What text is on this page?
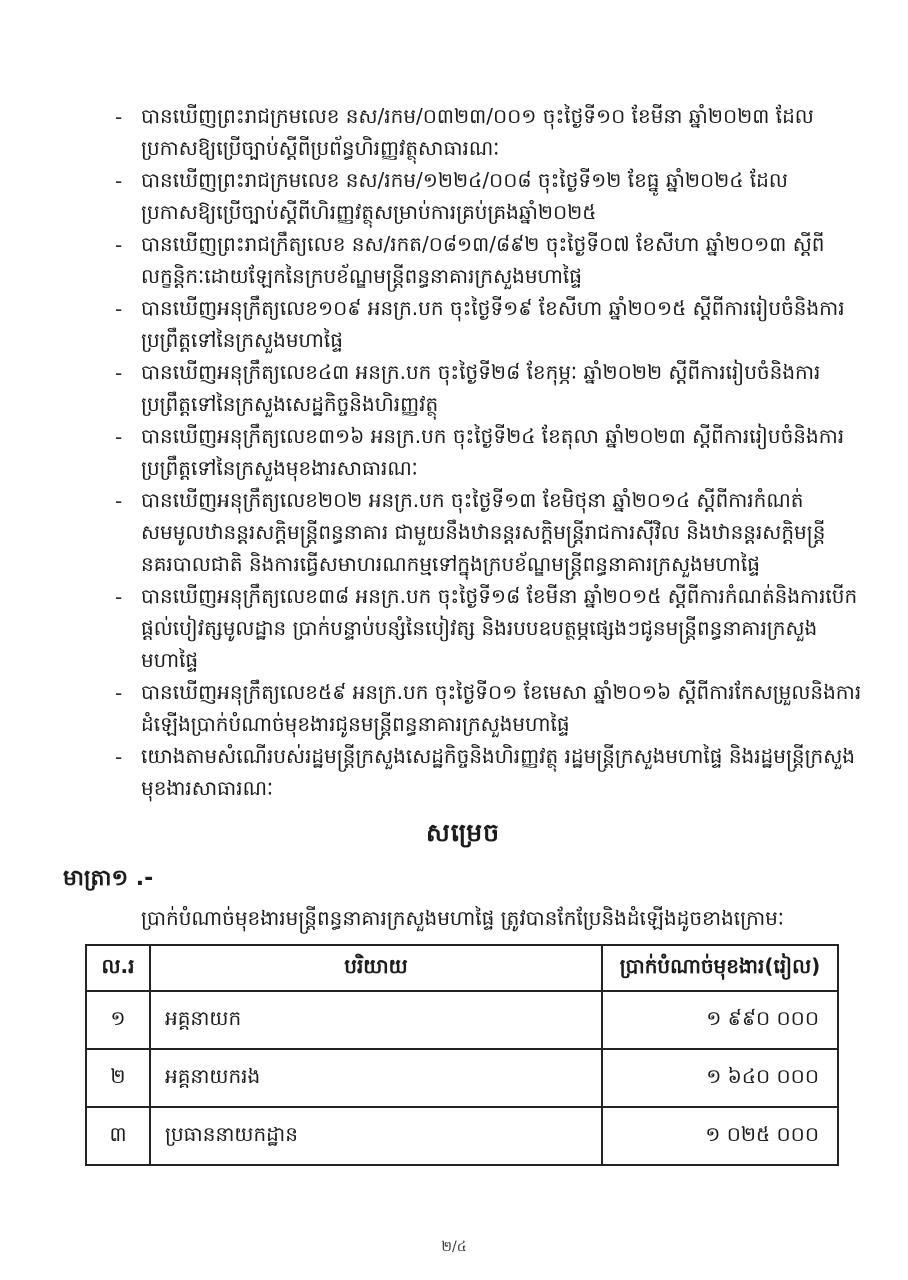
- បានឃើញព្រះរាជក្រមលេខ នស/រកម/០៣២៣/០០១ ចុះថ្ងៃទី១០ ខែមីនា ឆ្នាំ២០២៣ ដែលប្រកាសឱ្យប្រើច្បាប់ស្តីពីប្រព័ន្ធហិរញ្ញវត្ថុសាធារណៈ
- បានឃើញព្រះរាជក្រមលេខ នស/រកម/១២២៤/០០៨ ចុះថ្ងៃទី១២ ខែធ្នូ ឆ្នាំ២០២៤ ដែលប្រកាសឱ្យប្រើច្បាប់ស្តីពីហិរញ្ញវត្ថុសម្រាប់ការគ្រប់គ្រងឆ្នាំ២០២៥
- បានឃើញព្រះរាជក្រឹត្យលេខ នស/រកត/០៨១៣/៨៩២ ចុះថ្ងៃទី០៧ ខែសីហា ឆ្នាំ២០១៣ ស្តីពីលក្ខន្តិកៈដោយឡែកនៃក្របខ័ណ្ឌមន្ត្រីពន្ធនាគារក្រសួងមហាផ្ទៃ
- បានឃើញអនុក្រឹត្យលេខ១០៩ អនក្រ.បក ចុះថ្ងៃទី១៩ ខែសីហា ឆ្នាំ២០១៥ ស្តីពីការរៀបចំនិងការប្រព្រឹត្តទៅនៃក្រសួងមហាផ្ទៃ
- បានឃើញអនុក្រឹត្យលេខ៤៣ អនក្រ.បក ចុះថ្ងៃទី២៨ ខែកុម្ភៈ ឆ្នាំ២០២២ ស្តីពីការរៀបចំនិងការប្រព្រឹត្តទៅនៃក្រសួងសេដ្ឋកិច្ចនិងហិរញ្ញវត្ថុ
- បានឃើញអនុក្រឹត្យលេខ៣១៦ អនក្រ.បក ចុះថ្ងៃទី២៤ ខែតុលា ឆ្នាំ២០២៣ ស្តីពីការរៀបចំនិងការប្រព្រឹត្តទៅនៃក្រសួងមុខងារសាធារណៈ
- បានឃើញអនុក្រឹត្យលេខ២០២ អនក្រ.បក ចុះថ្ងៃទី១៣ ខែមិថុនា ឆ្នាំ២០១៤ ស្តីពីការកំណត់សមមូលឋានន្តរសក្តិមន្ត្រីពន្ធនាគារ ជាមួយនឹងឋានន្តរសក្តិមន្ត្រីរាជការស៊ីវិល និងឋានន្តរសក្តិមន្ត្រីនគរបាលជាតិ និងការធ្វើសមាហរណកម្មទៅក្នុងក្របខ័ណ្ឌមន្ត្រីពន្ធនាគារក្រសួងមហាផ្ទៃ
- បានឃើញអនុក្រឹត្យលេខ៣៨ អនក្រ.បក ចុះថ្ងៃទី១៨ ខែមីនា ឆ្នាំ២០១៥ ស្តីពីការកំណត់និងការបើកផ្តល់បៀវត្សមូលដ្ឋាន ប្រាក់បន្ទាប់បន្សំនៃបៀវត្ស និងរបបឧបត្ថម្ភផ្សេងៗជូនមន្ត្រីពន្ធនាគារក្រសួងមហាផ្ទៃ
- បានឃើញអនុក្រឹត្យលេខ៥៩ អនក្រ.បក ចុះថ្ងៃទី០១ ខែមេសា ឆ្នាំ២០១៦ ស្តីពីការកែសម្រួលនិងការដំឡើងប្រាក់បំណាច់មុខងារជូនមន្ត្រីពន្ធនាគារក្រសួងមហាផ្ទៃ
- យោងតាមសំណើរបស់រដ្ឋមន្ត្រីក្រសួងសេដ្ឋកិច្ចនិងហិរញ្ញវត្ថុ រដ្ឋមន្ត្រីក្រសួងមហាផ្ទៃ និងរដ្ឋមន្ត្រីក្រសួងមុខងារសាធារណៈ
សម្រេច
មាត្រា១ .-

ប្រាក់បំណាច់មុខងារមន្ត្រីពន្ធនាគារក្រសួងមហាផ្ទៃ ត្រូវបានកែប្រែនិងដំឡើងដូចខាងក្រោមៈ

ល.រ	បរិយាយ	ប្រាក់បំណាច់មុខងារ(រៀល)
១	អគ្គនាយក	១ ៩៩០ ០០០
២	អគ្គនាយករង	១ ៦៤០ ០០០
៣	ប្រធាននាយកដ្ឋាន	១ ០២៥ ០០០
២/៤
